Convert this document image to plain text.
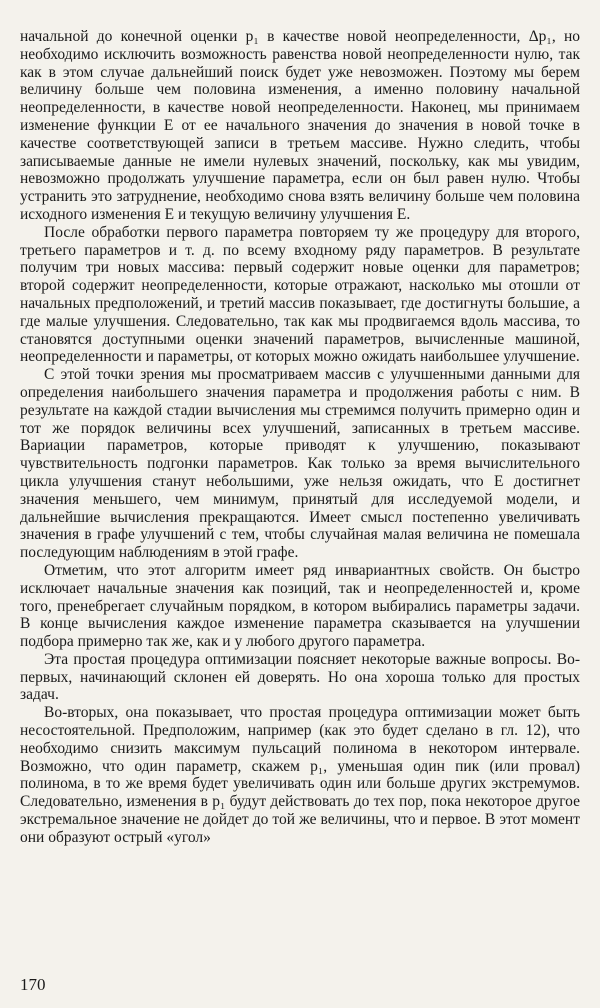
начальной до конечной оценки p₁ в качестве новой неопределенности, Δp₁, но необходимо исключить возможность равенства новой неопределенности нулю, так как в этом случае дальнейший поиск будет уже невозможен. Поэтому мы берем величину больше чем половина изменения, а именно половину начальной неопределенности, в качестве новой неопределенности. Наконец, мы принимаем изменение функции E от ее начального значения до значения в новой точке в качестве соответствующей записи в третьем массиве. Нужно следить, чтобы записываемые данные не имели нулевых значений, поскольку, как мы увидим, невозможно продолжать улучшение параметра, если он был равен нулю. Чтобы устранить это затруднение, необходимо снова взять величину больше чем половина исходного изменения E и текущую величину улучшения E.

После обработки первого параметра повторяем ту же процедуру для второго, третьего параметров и т. д. по всему входному ряду параметров. В результате получим три новых массива: первый содержит новые оценки для параметров; второй содержит неопределенности, которые отражают, насколько мы отошли от начальных предположений, и третий массив показывает, где достигнуты большие, а где малые улучшения. Следовательно, так как мы продвигаемся вдоль массива, то становятся доступными оценки значений параметров, вычисленные машиной, неопределенности и параметры, от которых можно ожидать наибольшее улучшение.

С этой точки зрения мы просматриваем массив с улучшенными данными для определения наибольшего значения параметра и продолжения работы с ним. В результате на каждой стадии вычисления мы стремимся получить примерно один и тот же порядок величины всех улучшений, записанных в третьем массиве. Вариации параметров, которые приводят к улучшению, показывают чувствительность подгонки параметров. Как только за время вычислительного цикла улучшения станут небольшими, уже нельзя ожидать, что E достигнет значения меньшего, чем минимум, принятый для исследуемой модели, и дальнейшие вычисления прекращаются. Имеет смысл постепенно увеличивать значения в графе улучшений с тем, чтобы случайная малая величина не помешала последующим наблюдениям в этой графе.

Отметим, что этот алгоритм имеет ряд инвариантных свойств. Он быстро исключает начальные значения как позиций, так и неопределенностей и, кроме того, пренебрегает случайным порядком, в котором выбирались параметры задачи. В конце вычисления каждое изменение параметра сказывается на улучшении подбора примерно так же, как и у любого другого параметра.

Эта простая процедура оптимизации поясняет некоторые важные вопросы. Во-первых, начинающий склонен ей доверять. Но она хороша только для простых задач.

Во-вторых, она показывает, что простая процедура оптимизации может быть несостоятельной. Предположим, например (как это будет сделано в гл. 12), что необходимо снизить максимум пульсаций полинома в некотором интервале. Возможно, что один параметр, скажем p₁, уменьшая один пик (или провал) полинома, в то же время будет увеличивать один или больше других экстремумов. Следовательно, изменения в p₁ будут действовать до тех пор, пока некоторое другое экстремальное значение не дойдет до той же величины, что и первое. В этот момент они образуют острый «угол»

170
